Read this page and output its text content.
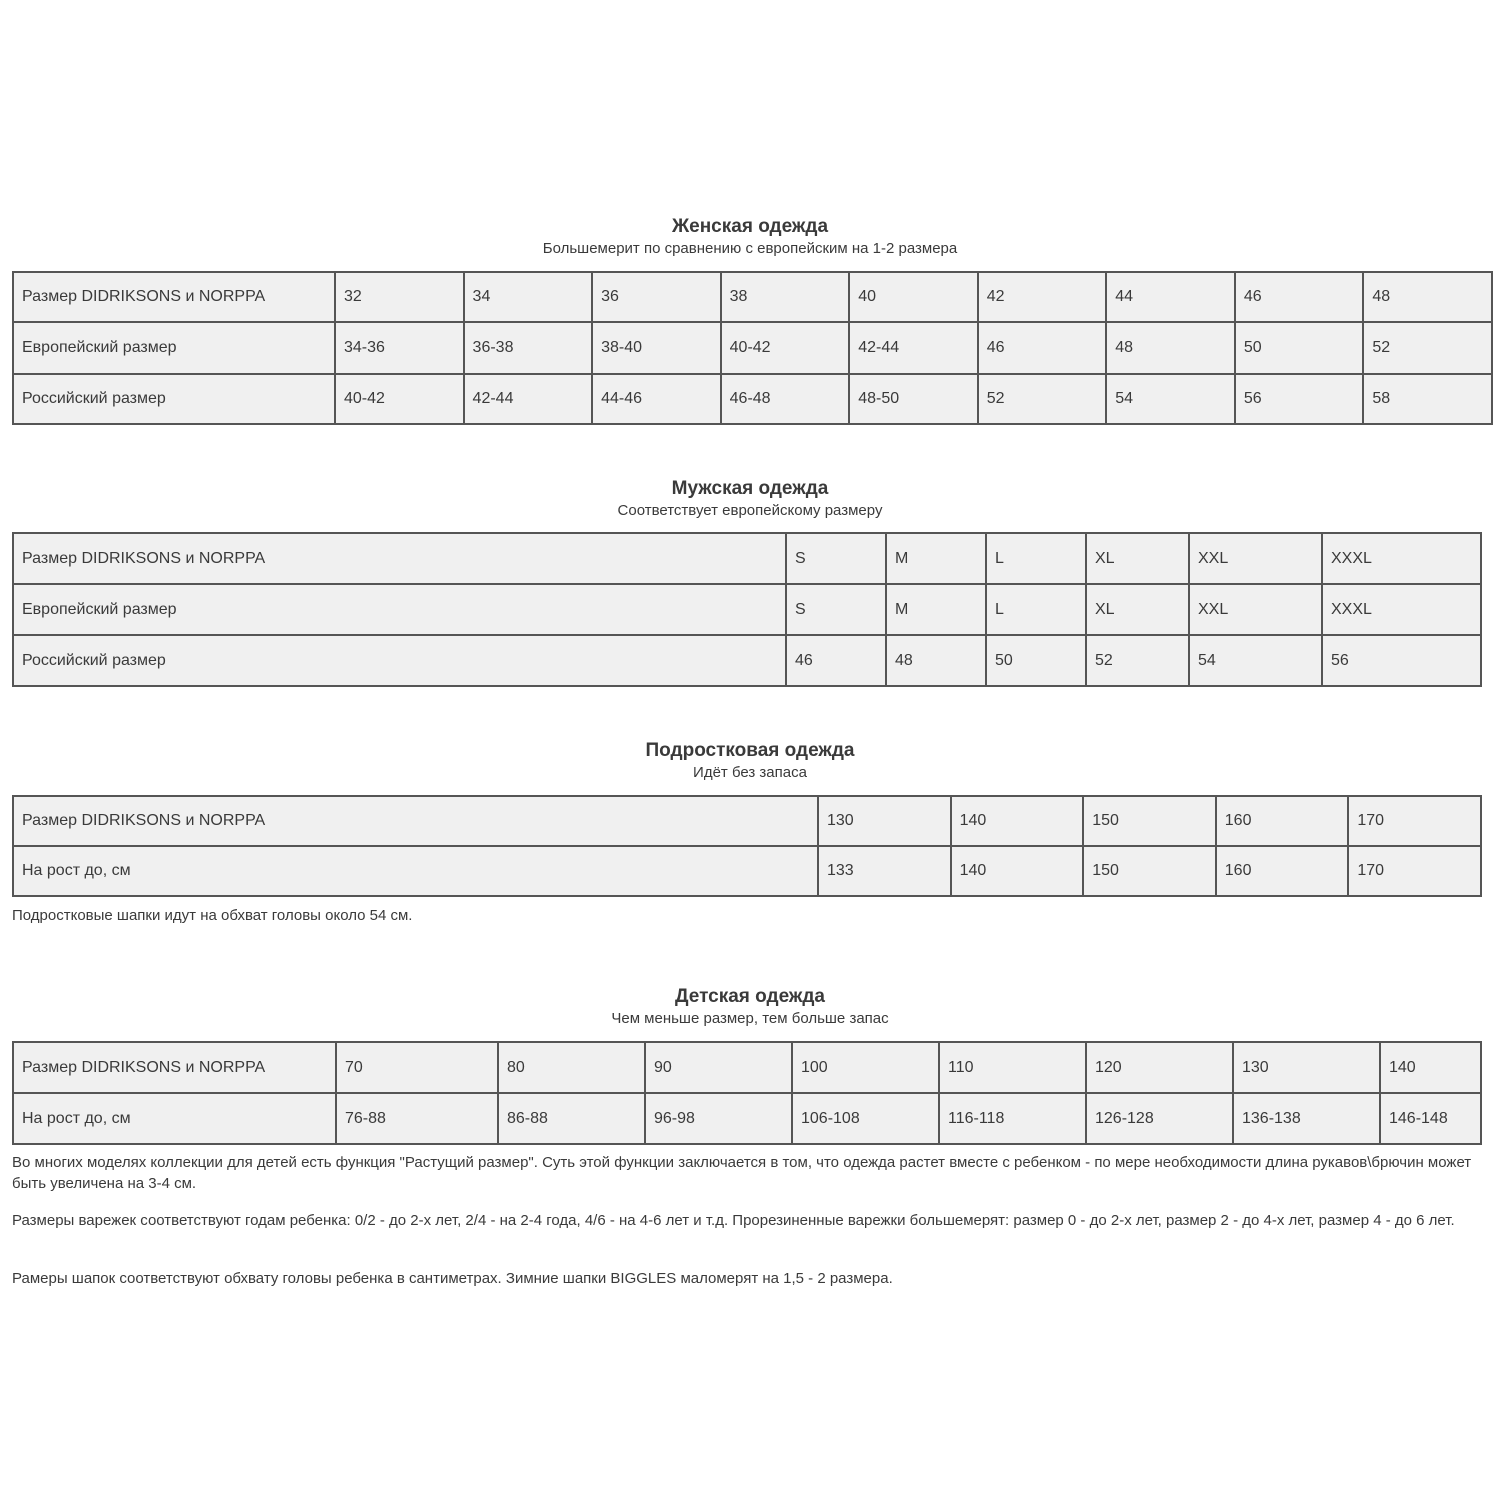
Женская одежда
Большемерит по сравнению с европейским на 1-2 размера
Размер DIDRIKSONS и NORPPA	32	34	36	38	40	42	44	46	48
Европейский размер	34-36	36-38	38-40	40-42	42-44	46	48	50	52
Российский размер	40-42	42-44	44-46	46-48	48-50	52	54	56	58
Мужская одежда
Соответствует европейскому размеру
Размер DIDRIKSONS и NORPPA	S	M	L	XL	XXL	XXXL
Европейский размер	S	M	L	XL	XXL	XXXL
Российский размер	46	48	50	52	54	56
Подростковая одежда
Идёт без запаса
Размер DIDRIKSONS и NORPPA	130	140	150	160	170
На рост до, см	133	140	150	160	170
Подростковые шапки идут на обхват головы около 54 см.
Детская одежда
Чем меньше размер, тем больше запас
Размер DIDRIKSONS и NORPPA	70	80	90	100	110	120	130	140
На рост до, см	76-88	86-88	96-98	106-108	116-118	126-128	136-138	146-148
Во многих моделях коллекции для детей есть функция "Растущий размер". Суть этой функции заключается в том, что одежда растет вместе с ребенком - по мере необходимости длина рукавов\брючин может быть увеличена на 3-4 см.
Размеры варежек соответствуют годам ребенка: 0/2 - до 2-х лет, 2/4 - на 2-4 года, 4/6 - на 4-6 лет и т.д. Прорезиненные варежки большемерят: размер 0 - до 2-х лет, размер 2 - до 4-х лет, размер 4 - до 6 лет.
Рамеры шапок соответствуют обхвату головы ребенка в сантиметрах. Зимние шапки BIGGLES маломерят на 1,5 - 2 размера.
